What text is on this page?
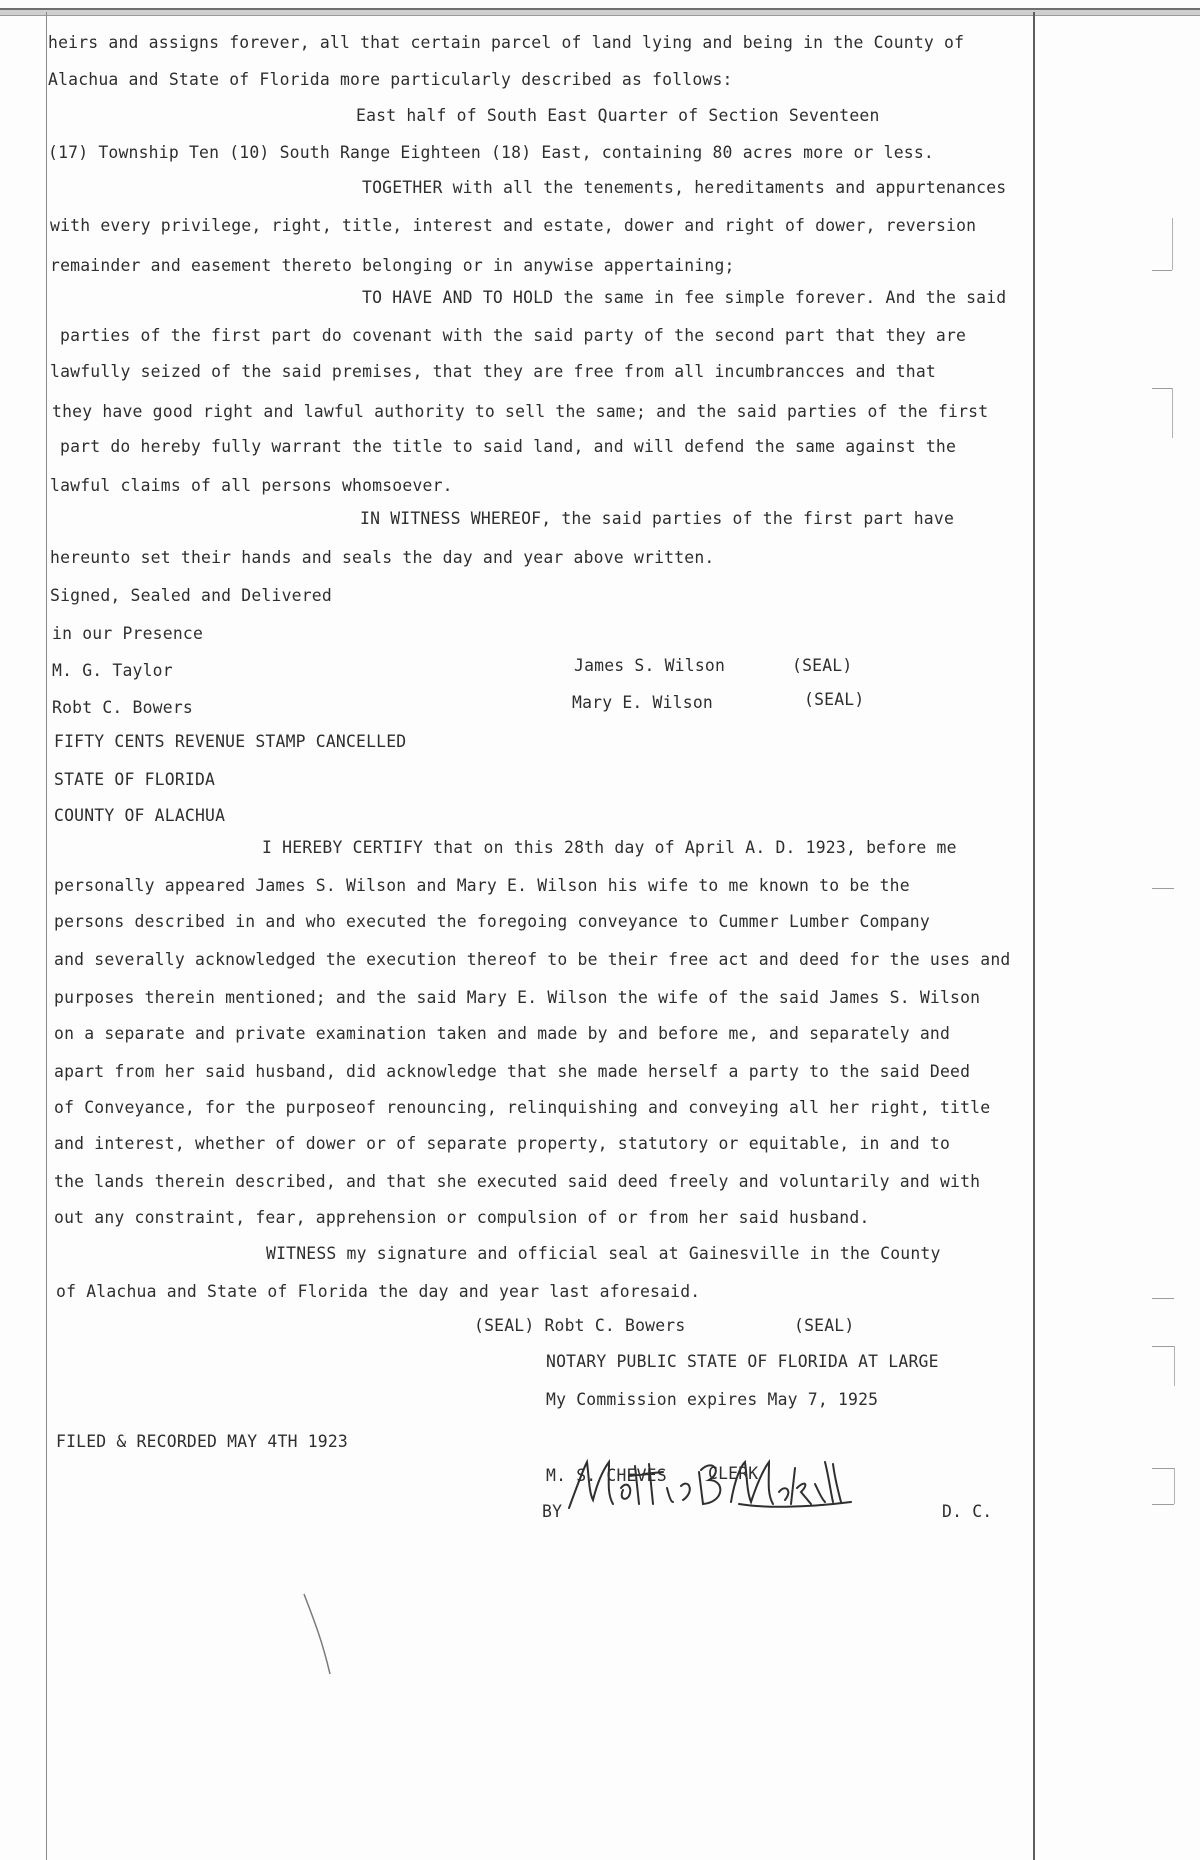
heirs and assigns forever, all that certain parcel of land lying and being in the County of
Alachua and State of Florida more particularly described as follows:
East half of South East Quarter of Section Seventeen
(17) Township Ten (10) South Range Eighteen (18) East, containing 80 acres more or less.
TOGETHER with all the tenements, hereditaments and appurtenances
with every privilege, right, title, interest and estate, dower and right of dower, reversion
remainder and easement thereto belonging or in anywise appertaining;
TO HAVE AND TO HOLD the same in fee simple forever. And the said
parties of the first part do covenant with the said party of the second part that they are
lawfully seized of the said premises, that they are free from all incumbrancces and that
they have good right and lawful authority to sell the same; and the said parties of the first
part do hereby fully warrant the title to said land, and will defend the same against the
lawful claims of all persons whomsoever.
IN WITNESS WHEREOF, the said parties of the first part have
hereunto set their hands and seals the day and year above written.
Signed, Sealed and Delivered
in our Presence
M. G. Taylor	James S. Wilson	(SEAL)
Robt C. Bowers	Mary E. Wilson	(SEAL)
FIFTY CENTS REVENUE STAMP CANCELLED
STATE OF FLORIDA
COUNTY OF ALACHUA
I HEREBY CERTIFY that on this 28th day of April A. D. 1923, before me
personally appeared James S. Wilson and Mary E. Wilson his wife to me known to be the
persons described in and who executed the foregoing conveyance to Cummer Lumber Company
and severally acknowledged the execution thereof to be their free act and deed for the uses and
purposes therein mentioned; and the said Mary E. Wilson the wife of the said James S. Wilson
on a separate and private examination taken and made by and before me, and separately and
apart from her said husband, did acknowledge that she made herself a party to the said Deed
of Conveyance, for the purposeof renouncing, relinquishing and conveying all her right, title
and interest, whether of dower or of separate property, statutory or equitable, in and to
the lands therein described, and that she executed said deed freely and voluntarily and with
out any constraint, fear, apprehension or compulsion of or from her said husband.
WITNESS my signature and official seal at Gainesville in the County
of Alachua and State of Florida the day and year last aforesaid.
(SEAL) Robt C. Bowers	(SEAL)
NOTARY PUBLIC STATE OF FLORIDA AT LARGE
My Commission expires May 7, 1925
FILED & RECORDED MAY 4TH 1923
M. S. CHEVES	CLERK
BY	D. C.
